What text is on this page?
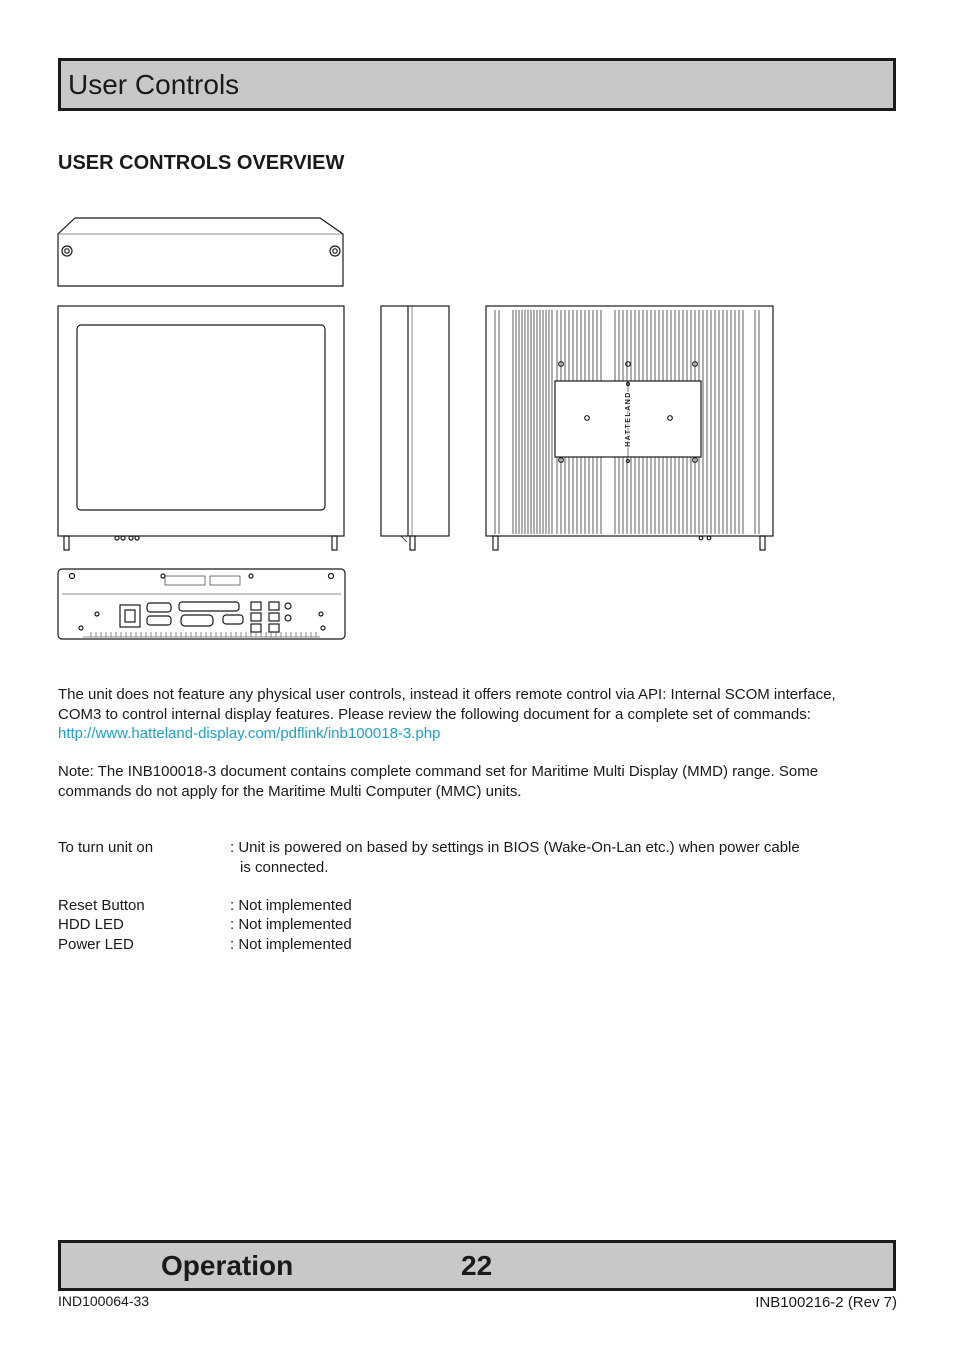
User Controls
USER CONTROLS OVERVIEW
HATTELAND

The unit does not feature any physical user controls, instead it offers remote control via API: Internal SCOM interface,
COM3 to control internal display features. Please review the following document for a complete set of commands:
http://www.hatteland-display.com/pdflink/inb100018-3.php

Note: The INB100018-3 document contains complete command set for Maritime Multi Display (MMD) range. Some
commands do not apply for the Maritime Multi Computer (MMC) units.

To turn unit on	: Unit is powered on based by settings in BIOS (Wake-On-Lan etc.) when power cable
is connected.
Reset Button	: Not implemented
HDD LED	: Not implemented
Power LED	: Not implemented
Operation	22
IND100064-33	INB100216-2 (Rev 7)
